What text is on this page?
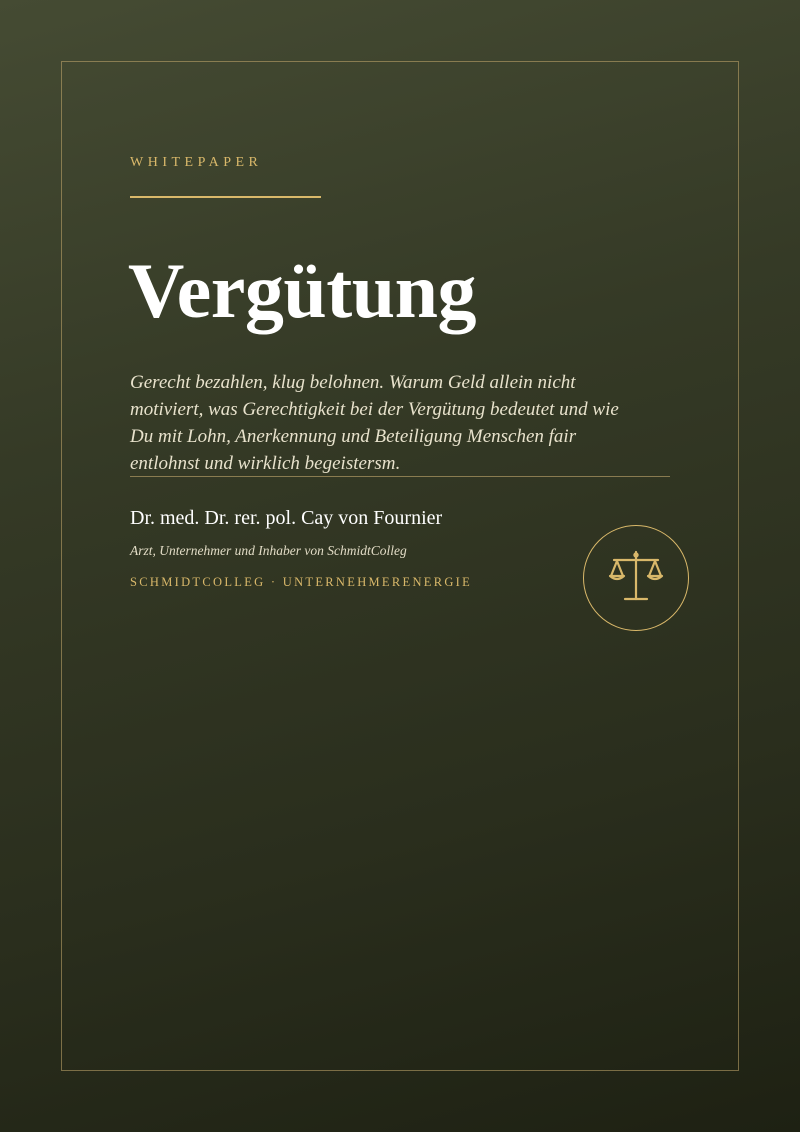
WHITEPAPER
Vergütung
Gerecht bezahlen, klug belohnen. Warum Geld allein nicht motiviert, was Gerechtigkeit bei der Vergütung bedeutet und wie Du mit Lohn, Anerkennung und Beteiligung Menschen fair entlohnst und wirklich begeistersт.
Dr. med. Dr. rer. pol. Cay von Fournier
Arzt, Unternehmer und Inhaber von SchmidtColleg
SCHMIDTCOLLEG · UNTERNEHMERENERGIE
